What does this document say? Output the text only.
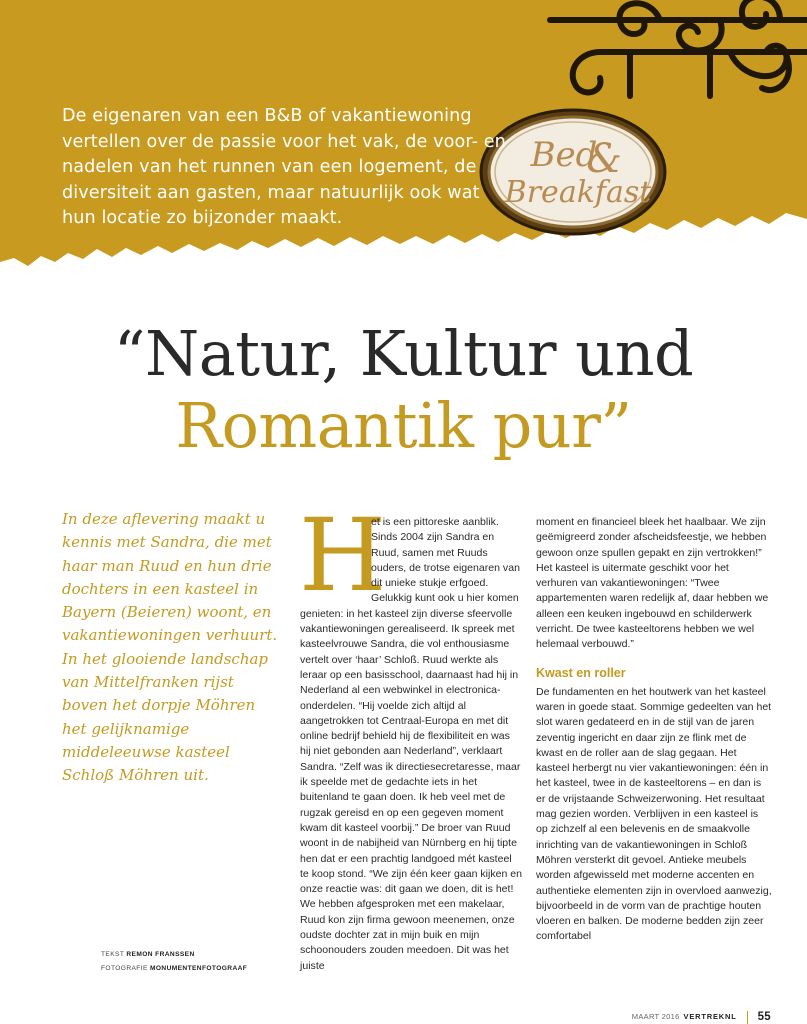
Bed
&
Breakfast

De eigenaren van een B&B of vakantiewoning vertellen over de passie voor het vak, de voor- en nadelen van het runnen van een logement, de diversiteit aan gasten, maar natuurlijk ook wat hun locatie zo bijzonder maakt.

“Natur, Kultur und
Romantik pur”

In deze aflevering maakt u kennis met Sandra, die met haar man Ruud en hun drie dochters in een kasteel in Bayern (Beieren) woont, en vakantiewoningen verhuurt. In het glooiende landschap van Mittelfranken rijst boven het dorpje Möhren het gelijknamige middeleeuwse kasteel Schloß Möhren uit.

TEKST REMON FRANSSEN
FOTOGRAFIE MONUMENTENFOTOGRAAF
H

et is een pittoreske aanblik. Sinds 2004 zijn Sandra en Ruud, samen met Ruuds ouders, de trotse eigenaren van dit unieke stukje erfgoed. Gelukkig kunt ook u hier komen genieten: in het kasteel zijn diverse sfeervolle vakantiewoningen gerealiseerd. Ik spreek met kasteelvrouwe Sandra, die vol enthousiasme vertelt over ‘haar’ Schloß. Ruud werkte als leraar op een basisschool, daarnaast had hij in Nederland al een webwinkel in electronica-onderdelen. “Hij voelde zich altijd al aangetrokken tot Centraal-Europa en met dit online bedrijf behield hij de flexibiliteit en was hij niet gebonden aan Nederland”, verklaart Sandra. “Zelf was ik directiesecretaresse, maar ik speelde met de gedachte iets in het buitenland te gaan doen. Ik heb veel met de rugzak gereisd en op een gegeven moment kwam dit kasteel voorbij.” De broer van Ruud woont in de nabijheid van Nürnberg en hij tipte hen dat er een prachtig landgoed mét kasteel te koop stond. “We zijn één keer gaan kijken en onze reactie was: dit gaan we doen, dit is het! We hebben afgesproken met een makelaar, Ruud kon zijn firma gewoon meenemen, onze oudste dochter zat in mijn buik en mijn schoonouders zouden meedoen. Dit was het juiste

moment en financieel bleek het haalbaar. We zijn geëmigreerd zonder afscheidsfeestje, we hebben gewoon onze spullen gepakt en zijn vertrokken!” Het kasteel is uitermate geschikt voor het verhuren van vakantiewoningen: “Twee appartementen waren redelijk af, daar hebben we alleen een keuken ingebouwd en schilderwerk verricht. De twee kasteeltorens hebben we wel helemaal verbouwd.”

Kwast en roller

De fundamenten en het houtwerk van het kasteel waren in goede staat. Sommige gedeelten van het slot waren gedateerd en in de stijl van de jaren zeventig ingericht en daar zijn ze flink met de kwast en de roller aan de slag gegaan. Het kasteel herbergt nu vier vakantiewoningen: één in het kasteel, twee in de kasteeltorens – en dan is er de vrijstaande Schweizerwoning. Het resultaat mag gezien worden. Verblijven in een kasteel is op zichzelf al een belevenis en de smaakvolle inrichting van de vakantiewoningen in Schloß Möhren versterkt dit gevoel. Antieke meubels worden afgewisseld met moderne accenten en authentieke elementen zijn in overvloed aanwezig, bijvoorbeeld in de vorm van de prachtige houten vloeren en balken. De moderne bedden zijn zeer comfortabel

MAART 2016 VERTREKNL 55
